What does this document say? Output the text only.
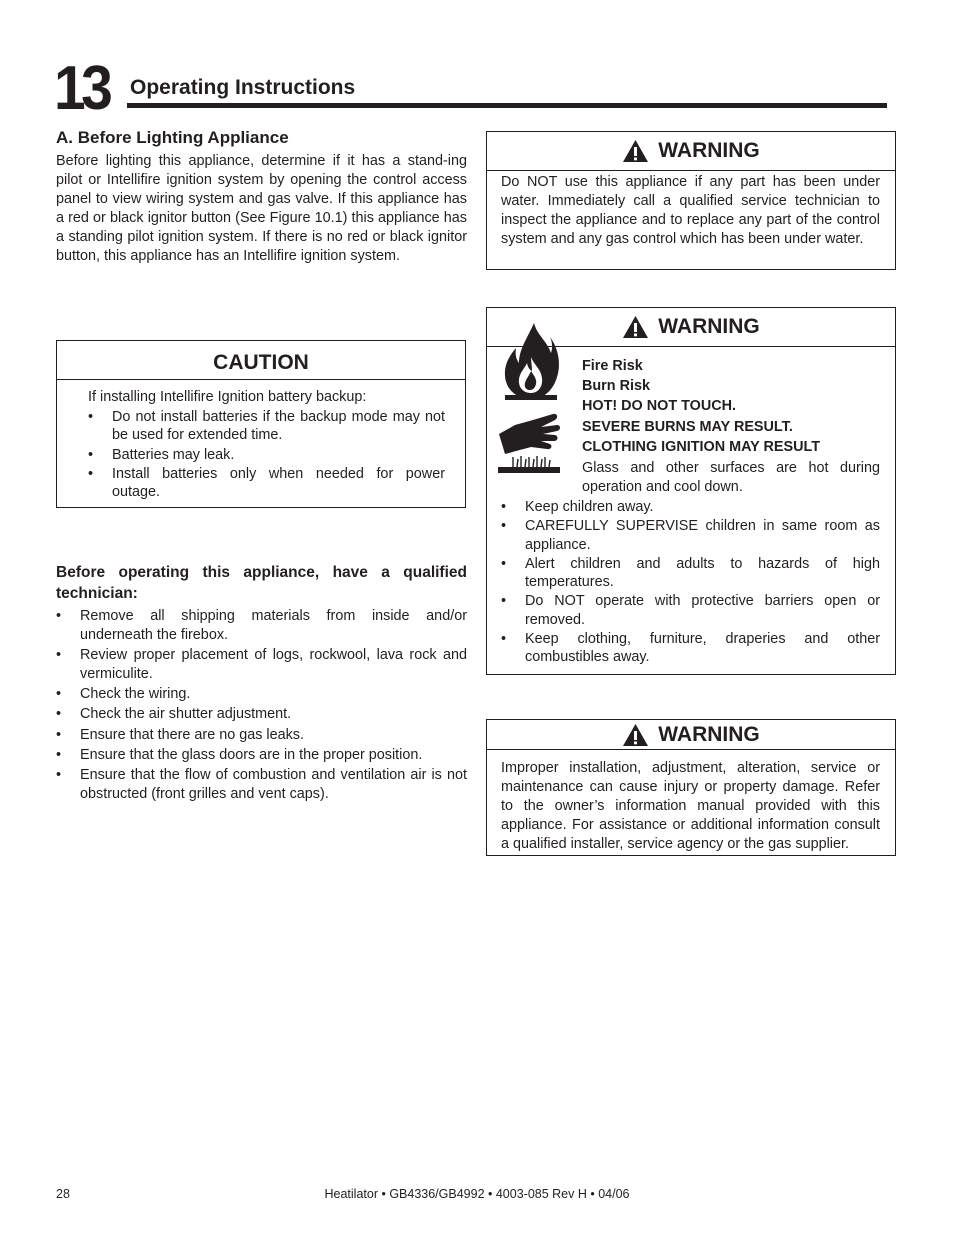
13 Operating Instructions
A. Before Lighting Appliance
Before lighting this appliance, determine if it has a stand-ing pilot or Intellifire ignition system by opening the control access panel to view wiring system and gas valve. If this appliance has a red or black ignitor button (See Figure 10.1) this appliance has a standing pilot ignition system. If there is no red or black ignitor button, this appliance has an Intellifire ignition system.
CAUTION
If installing Intellifire Ignition battery backup:
• Do not install batteries if the backup mode may not be used for extended time.
• Batteries may leak.
• Install batteries only when needed for power outage.
Before operating this appliance, have a qualified technician:
• Remove all shipping materials from inside and/or underneath the firebox.
• Review proper placement of logs, rockwool, lava rock and vermiculite.
• Check the wiring.
• Check the air shutter adjustment.
• Ensure that there are no gas leaks.
• Ensure that the glass doors are in the proper position.
• Ensure that the flow of combustion and ventilation air is not obstructed (front grilles and vent caps).
WARNING
Do NOT use this appliance if any part has been under water. Immediately call a qualified service technician to inspect the appliance and to replace any part of the control system and any gas control which has been under water.
WARNING
Fire Risk
Burn Risk
HOT! DO NOT TOUCH.
SEVERE BURNS MAY RESULT.
CLOTHING IGNITION MAY RESULT
Glass and other surfaces are hot during operation and cool down.
• Keep children away.
• CAREFULLY SUPERVISE children in same room as appliance.
• Alert children and adults to hazards of high temperatures.
• Do NOT operate with protective barriers open or removed.
• Keep clothing, furniture, draperies and other combustibles away.
WARNING
Improper installation, adjustment, alteration, service or maintenance can cause injury or property damage. Refer to the owner’s information manual provided with this appliance. For assistance or additional information consult a qualified installer, service agency or the gas supplier.
28	Heatilator • GB4336/GB4992 • 4003-085 Rev H • 04/06
